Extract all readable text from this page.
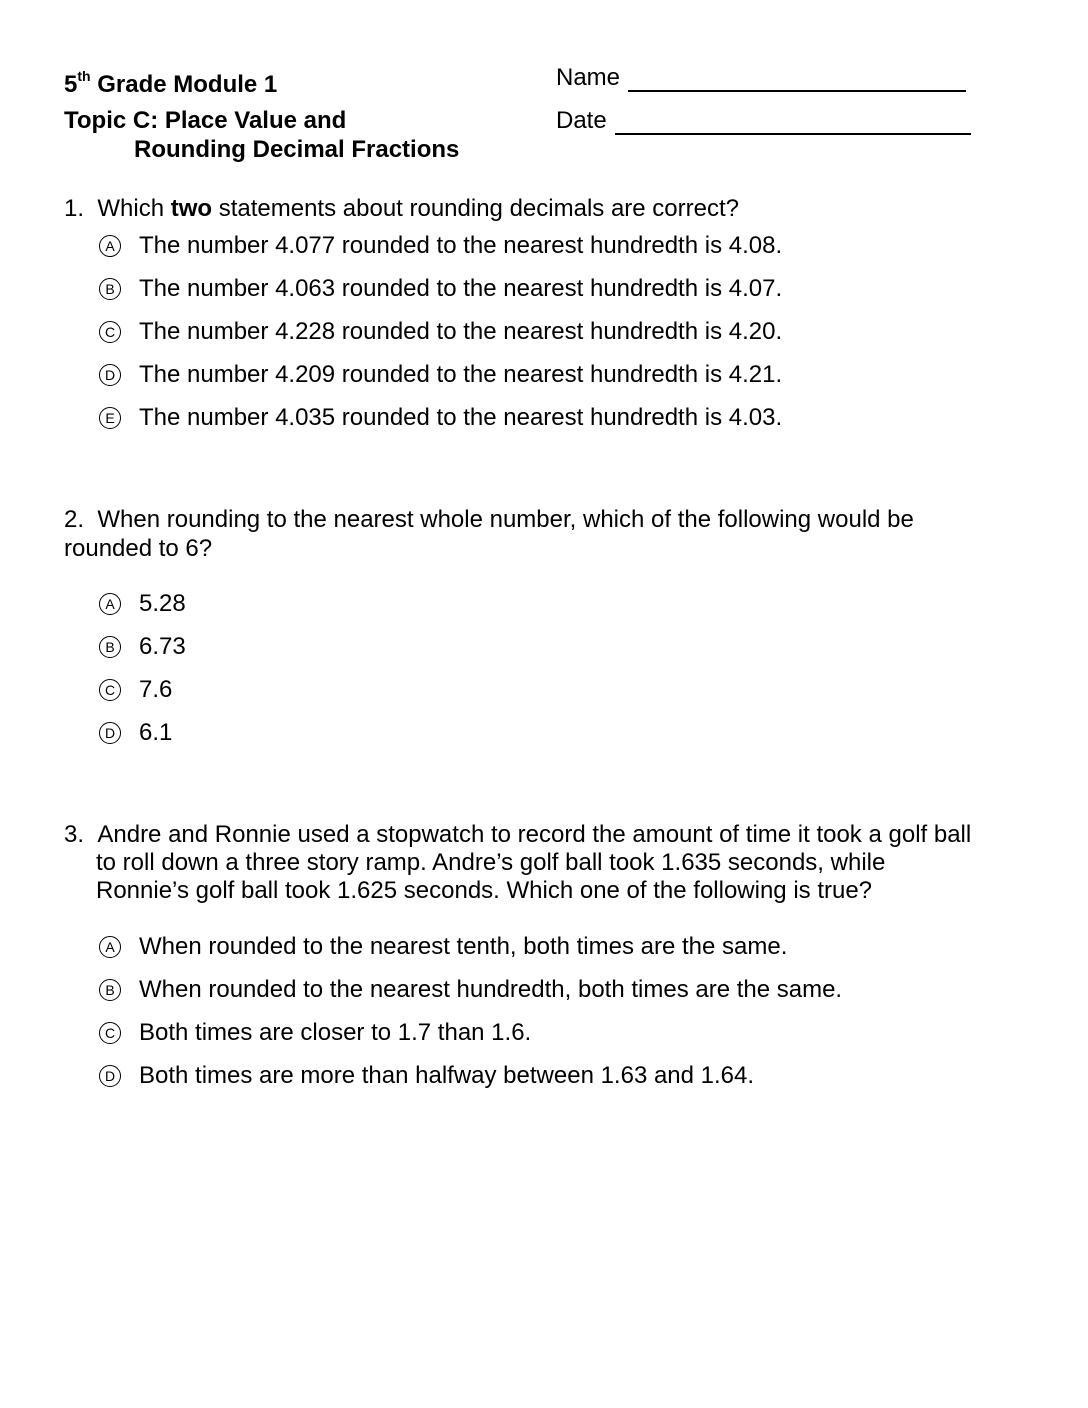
5th Grade Module 1
Topic C: Place Value and
Rounding Decimal Fractions
Name
Date
1. Which two statements about rounding decimals are correct?
A The number 4.077 rounded to the nearest hundredth is 4.08.
B The number 4.063 rounded to the nearest hundredth is 4.07.
C The number 4.228 rounded to the nearest hundredth is 4.20.
D The number 4.209 rounded to the nearest hundredth is 4.21.
E The number 4.035 rounded to the nearest hundredth is 4.03.
2. When rounding to the nearest whole number, which of the following would be
rounded to 6?
A 5.28
B 6.73
C 7.6
D 6.1
3. Andre and Ronnie used a stopwatch to record the amount of time it took a golf ball
to roll down a three story ramp. Andre’s golf ball took 1.635 seconds, while
Ronnie’s golf ball took 1.625 seconds. Which one of the following is true?
A When rounded to the nearest tenth, both times are the same.
B When rounded to the nearest hundredth, both times are the same.
C Both times are closer to 1.7 than 1.6.
D Both times are more than halfway between 1.63 and 1.64.
